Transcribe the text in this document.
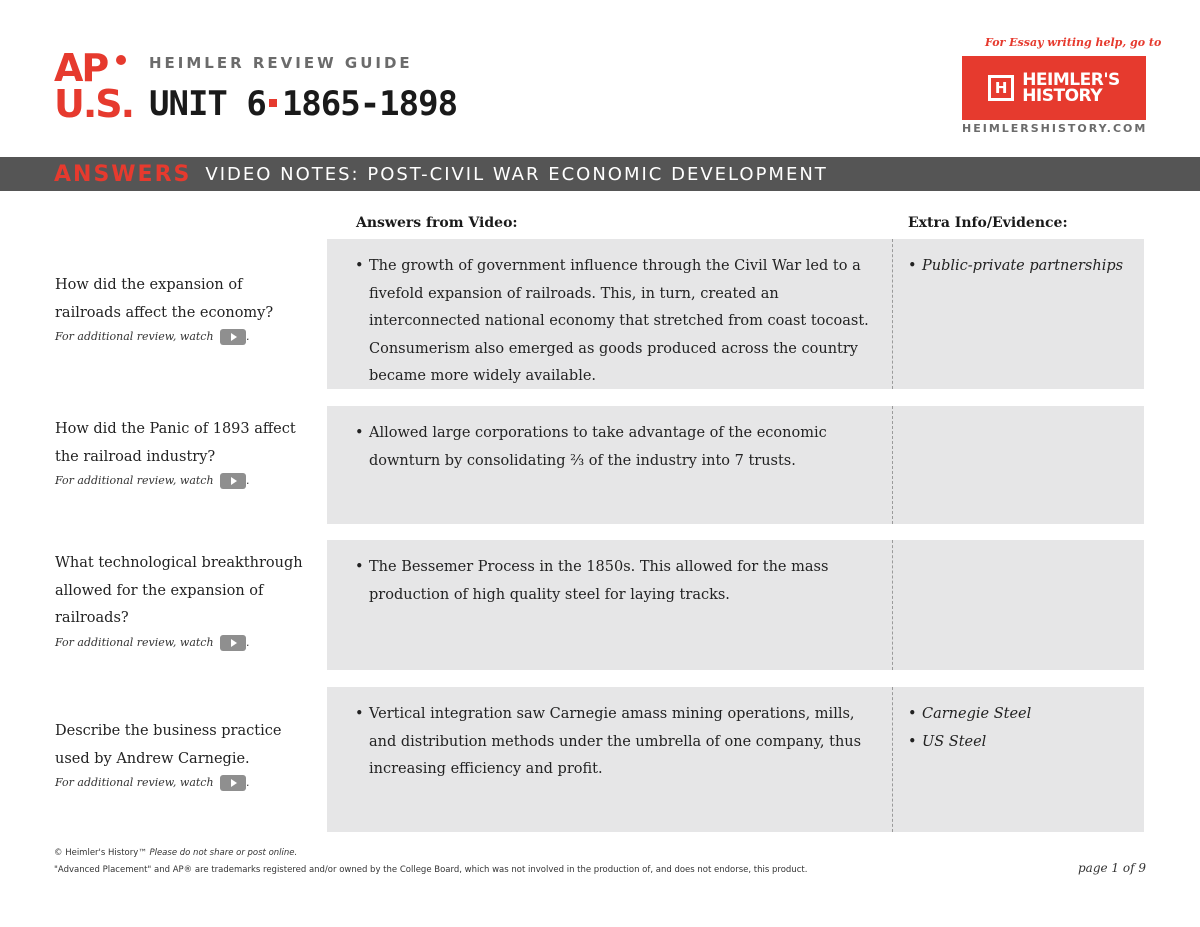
AP
U.S.
HEIMLER REVIEW GUIDE
UNIT 6 1865-1898
For Essay writing help, go to
H HEIMLER'S
HISTORY
HEIMLERSHISTORY.COM
ANSWERS VIDEO NOTES: POST-CIVIL WAR ECONOMIC DEVELOPMENT
Answers from Video:	Extra Info/Evidence:
How did the expansion of railroads affect the economy?
For additional review, watch	.
• The growth of government influence through the Civil War led to a fivefold expansion of railroads. This, in turn, created an interconnected national economy that stretched from coast tocoast. Consumerism also emerged as goods produced across the country became more widely available.
• Public-private partnerships
How did the Panic of 1893 affect the railroad industry?
For additional review, watch	.
• Allowed large corporations to take advantage of the economic downturn by consolidating ⅔ of the industry into 7 trusts.
What technological breakthrough allowed for the expansion of railroads?
For additional review, watch	.
• The Bessemer Process in the 1850s. This allowed for the mass production of high quality steel for laying tracks.
Describe the business practice used by Andrew Carnegie.
For additional review, watch	.
• Vertical integration saw Carnegie amass mining operations, mills, and distribution methods under the umbrella of one company, thus increasing efficiency and profit.
• Carnegie Steel
• US Steel
© Heimler's History™ Please do not share or post online.
"Advanced Placement" and AP® are trademarks registered and/or owned by the College Board, which was not involved in the production of, and does not endorse, this product.	page 1 of 9
